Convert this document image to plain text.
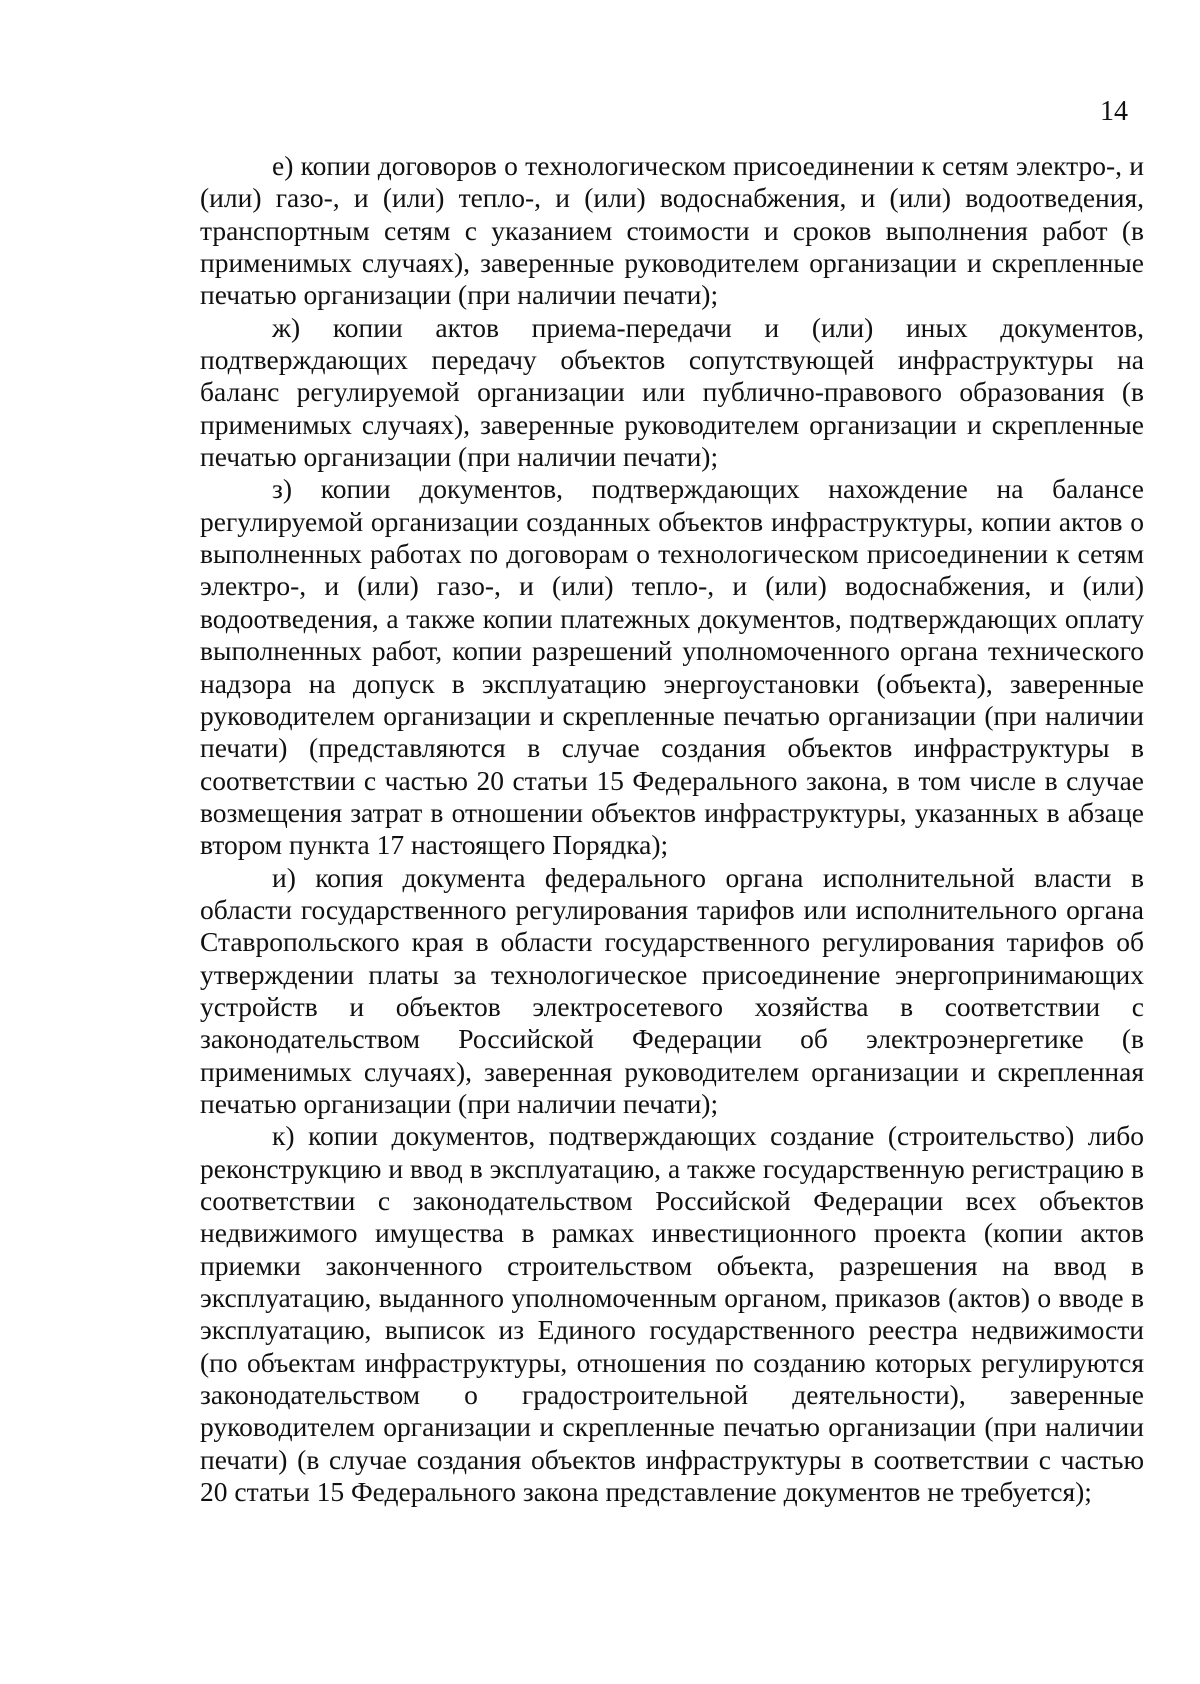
14

е) копии договоров о технологическом присоединении к сетям электро-, и (или) газо-, и (или) тепло-, и (или) водоснабжения, и (или) водоотведения, транспортным сетям с указанием стоимости и сроков выполнения работ (в применимых случаях), заверенные руководителем организации и скрепленные печатью организации (при наличии печати);

ж) копии актов приема-передачи и (или) иных документов, подтверждающих передачу объектов сопутствующей инфраструктуры на баланс регулируемой организации или публично-правового образования (в применимых случаях), заверенные руководителем организации и скрепленные печатью организации (при наличии печати);

з) копии документов, подтверждающих нахождение на балансе регулируемой организации созданных объектов инфраструктуры, копии актов о выполненных работах по договорам о технологическом присоединении к сетям электро-, и (или) газо-, и (или) тепло-, и (или) водоснабжения, и (или) водоотведения, а также копии платежных документов, подтверждающих оплату выполненных работ, копии разрешений уполномоченного органа технического надзора на допуск в эксплуатацию энергоустановки (объекта), заверенные руководителем организации и скрепленные печатью организации (при наличии печати) (представляются в случае создания объектов инфраструктуры в соответствии с частью 20 статьи 15 Федерального закона, в том числе в случае возмещения затрат в отношении объектов инфраструктуры, указанных в абзаце втором пункта 17 настоящего Порядка);

и) копия документа федерального органа исполнительной власти в области государственного регулирования тарифов или исполнительного органа Ставропольского края в области государственного регулирования тарифов об утверждении платы за технологическое присоединение энергопринимающих устройств и объектов электросетевого хозяйства в соответствии с законодательством Российской Федерации об электроэнергетике (в применимых случаях), заверенная руководителем организации и скрепленная печатью организации (при наличии печати);

к) копии документов, подтверждающих создание (строительство) либо реконструкцию и ввод в эксплуатацию, а также государственную регистрацию в соответствии с законодательством Российской Федерации всех объектов недвижимого имущества в рамках инвестиционного проекта (копии актов приемки законченного строительством объекта, разрешения на ввод в эксплуатацию, выданного уполномоченным органом, приказов (актов) о вводе в эксплуатацию, выписок из Единого государственного реестра недвижимости (по объектам инфраструктуры, отношения по созданию которых регулируются законодательством о градостроительной деятельности), заверенные руководителем организации и скрепленные печатью организации (при наличии печати) (в случае создания объектов инфраструктуры в соответствии с частью 20 статьи 15 Федерального закона представление документов не требуется);
